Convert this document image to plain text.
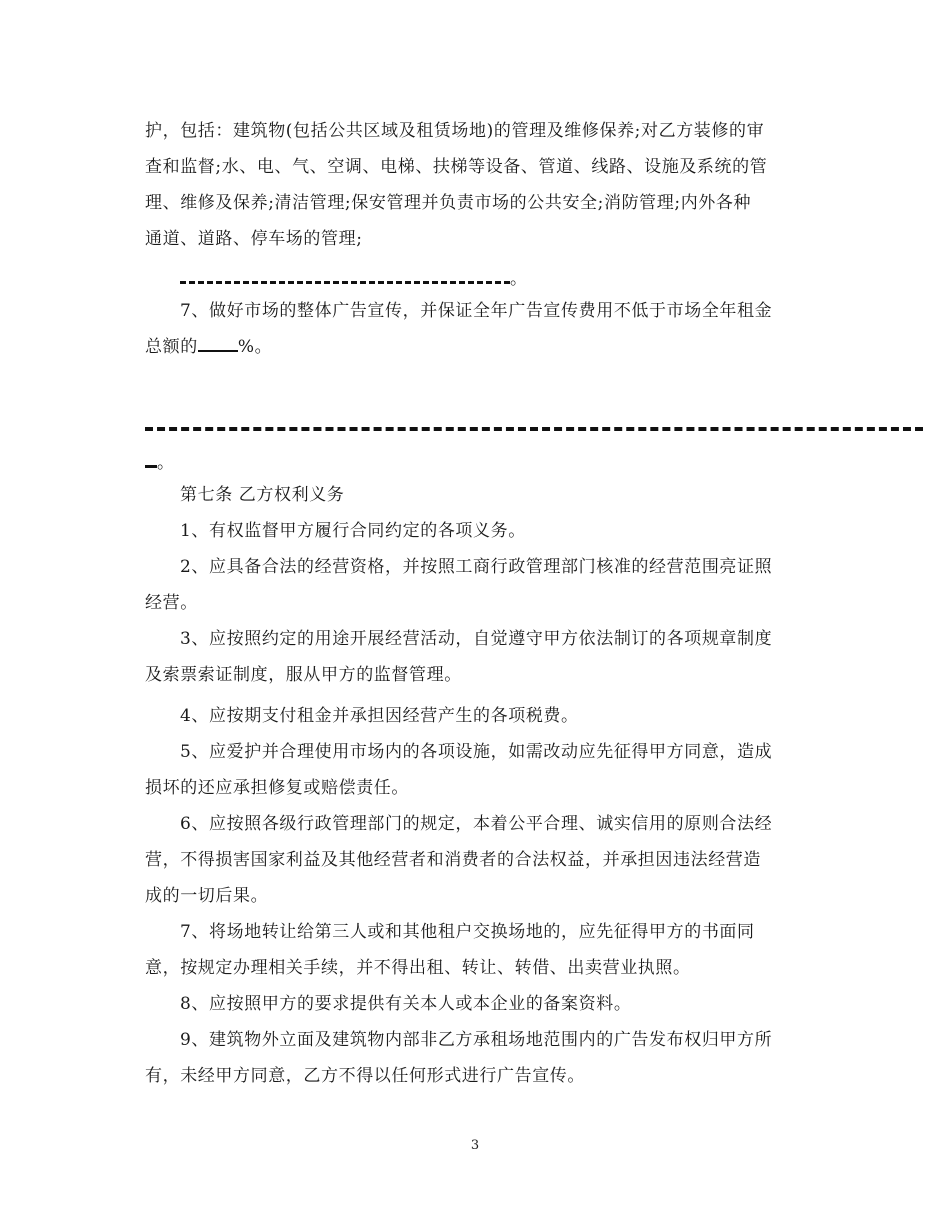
护，包括：建筑物(包括公共区域及租赁场地)的管理及维修保养;对乙方装修的审
查和监督;水、电、气、空调、电梯、扶梯等设备、管道、线路、设施及系统的管
理、维修及保养;清洁管理;保安管理并负责市场的公共安全;消防管理;内外各种
通道、道路、停车场的管理;
。
7、做好市场的整体广告宣传，并保证全年广告宣传费用不低于市场全年租金
总额的 %。
。
第七条 乙方权利义务
1、有权监督甲方履行合同约定的各项义务。
2、应具备合法的经营资格，并按照工商行政管理部门核准的经营范围亮证照
经营。
3、应按照约定的用途开展经营活动，自觉遵守甲方依法制订的各项规章制度
及索票索证制度，服从甲方的监督管理。
4、应按期支付租金并承担因经营产生的各项税费。
5、应爱护并合理使用市场内的各项设施，如需改动应先征得甲方同意，造成
损坏的还应承担修复或赔偿责任。
6、应按照各级行政管理部门的规定，本着公平合理、诚实信用的原则合法经
营，不得损害国家利益及其他经营者和消费者的合法权益，并承担因违法经营造
成的一切后果。
7、将场地转让给第三人或和其他租户交换场地的，应先征得甲方的书面同
意，按规定办理相关手续，并不得出租、转让、转借、出卖营业执照。
8、应按照甲方的要求提供有关本人或本企业的备案资料。
9、建筑物外立面及建筑物内部非乙方承租场地范围内的广告发布权归甲方所
有，未经甲方同意，乙方不得以任何形式进行广告宣传。
3
